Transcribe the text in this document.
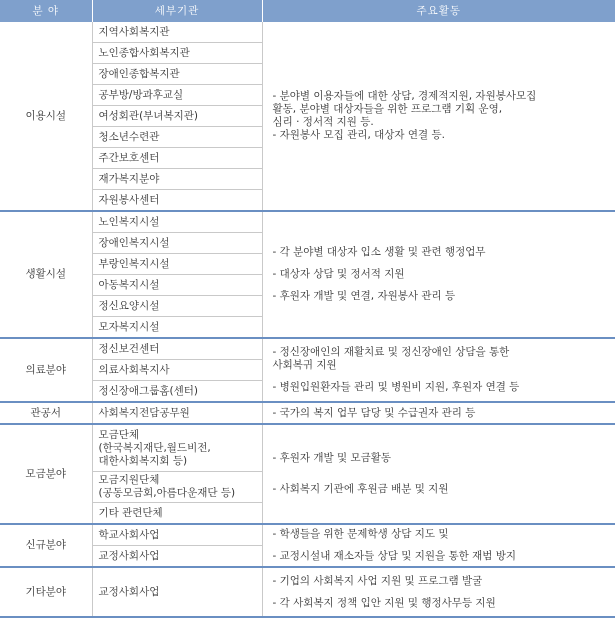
분 야	세부기관	주요활동
이용시설	지역사회복지관	- 분야별 이용자들에 대한 상담, 경제적지원, 자원봉사모집
활동, 분야별 대상자들을 위한 프로그램 기획 운영,
심리 · 정서적 지원 등.
- 자원봉사 모집 관리, 대상자 연결 등.

	노인종합사회복지관	
	장애인종합복지관	
	공부방/방과후교실	
	여성회관(부녀복지관)	
	청소년수련관	
	주간보호센터	
	재가복지분야	
	자원봉사센터	
생활시설	노인복지시설	- 각 분야별 대상자 입소 생활 및 관련 행정업무
- 대상자 상담 및 정서적 지원
- 후원자 개발 및 연결, 자원봉사 관리 등

	장애인복지시설	
	부랑인복지시설	
	아동복지시설	
	정신요양시설	
	모자복지시설	
의료분야	정신보건센터	- 정신장애인의 재활치료 및 정신장애인 상담을 통한
사회복귀 지원
- 병원입원환자들 관리 및 병원비 지원, 후원자 연결 등

	의료사회복지사	
	정신장애그룹홈(센터)	
관공서	사회복지전담공무원	- 국가의 복지 업무 담당 및 수급권자 관리 등

모금분야	모금단체
(한국복지재단,월드비전,
대한사회복지회 등)	- 후원자 개발 및 모금활동
- 사회복지 기관에 후원금 배분 및 지원

	모금지원단체
(공동모금회,아름다운재단 등)	
	기타 관련단체	
신규분야	학교사회사업	- 학생들을 위한 문제학생 상담 지도 및
- 교정시설내 재소자들 상담 및 지원을 통한 재범 방지

	교정사회사업	
기타분야	교정사회사업	- 기업의 사회복지 사업 지원 및 프로그램 발굴
- 각 사회복지 정책 입안 지원 및 행정사무등 지원
